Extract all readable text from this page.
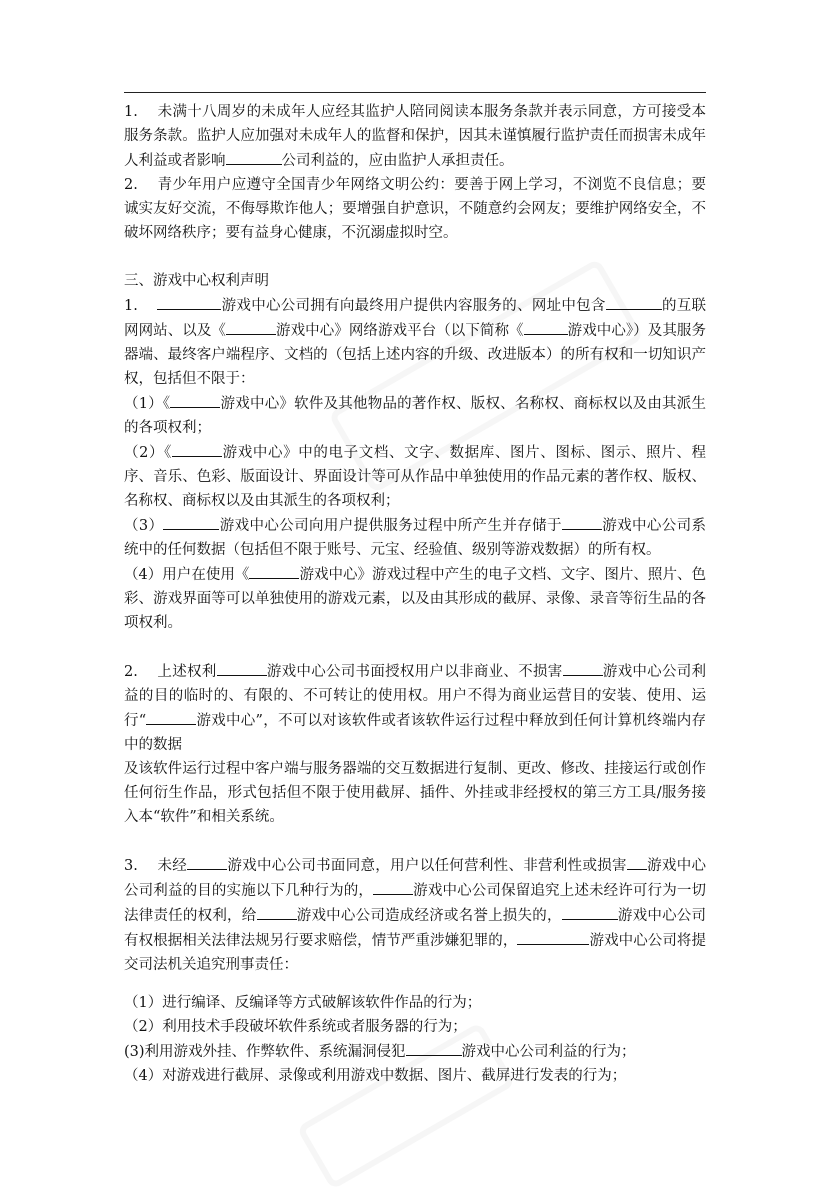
1. 未满十八周岁的未成年人应经其监护人陪同阅读本服务条款并表示同意，方可接受本服务条款。监护人应加强对未成年人的监督和保护，因其未谨慎履行监护责任而损害未成年人利益或者影响	公司利益的，应由监护人承担责任。

2. 青少年用户应遵守全国青少年网络文明公约：要善于网上学习，不浏览不良信息；要诚实友好交流，不侮辱欺诈他人；要增强自护意识，不随意约会网友；要维护网络安全，不破坏网络秩序；要有益身心健康，不沉溺虚拟时空。

三、游戏中心权利声明

1.	游戏中心公司拥有向最终用户提供内容服务的、网址中包含	的互联网网站、以及《	游戏中心》网络游戏平台（以下简称《	游戏中心》）及其服务器端、最终客户端程序、文档的（包括上述内容的升级、改进版本）的所有权和一切知识产权，包括但不限于：

（1）《	游戏中心》软件及其他物品的著作权、版权、名称权、商标权以及由其派生的各项权利；

（2）《	游戏中心》中的电子文档、文字、数据库、图片、图标、图示、照片、程序、音乐、色彩、版面设计、界面设计等可从作品中单独使用的作品元素的著作权、版权、名称权、商标权以及由其派生的各项权利；

（3）	游戏中心公司向用户提供服务过程中所产生并存储于	游戏中心公司系统中的任何数据（包括但不限于账号、元宝、经验值、级别等游戏数据）的所有权。

（4）用户在使用《	游戏中心》游戏过程中产生的电子文档、文字、图片、照片、色彩、游戏界面等可以单独使用的游戏元素，以及由其形成的截屏、录像、录音等衍生品的各项权利。

2. 上述权利	游戏中心公司书面授权用户以非商业、不损害	游戏中心公司利益的目的临时的、有限的、不可转让的使用权。用户不得为商业运营目的安装、使用、运行“	游戏中心”，不可以对该软件或者该软件运行过程中释放到任何计算机终端内存中的数据
及该软件运行过程中客户端与服务器端的交互数据进行复制、更改、修改、挂接运行或创作任何衍生作品，形式包括但不限于使用截屏、插件、外挂或非经授权的第三方工具/服务接入本“软件”和相关系统。

3. 未经	游戏中心公司书面同意，用户以任何营利性、非营利性或损害 游戏中心公司利益的目的实施以下几种行为的，	游戏中心公司保留追究上述未经许可行为一切法律责任的权利，给	游戏中心公司造成经济或名誉上损失的，	游戏中心公司有权根据相关法律法规另行要求赔偿，情节严重涉嫌犯罪的，	游戏中心公司将提交司法机关追究刑事责任：

（1）进行编译、反编译等方式破解该软件作品的行为；

（2）利用技术手段破坏软件系统或者服务器的行为；

(3)利用游戏外挂、作弊软件、系统漏洞侵犯	游戏中心公司利益的行为；

（4）对游戏进行截屏、录像或利用游戏中数据、图片、截屏进行发表的行为；
